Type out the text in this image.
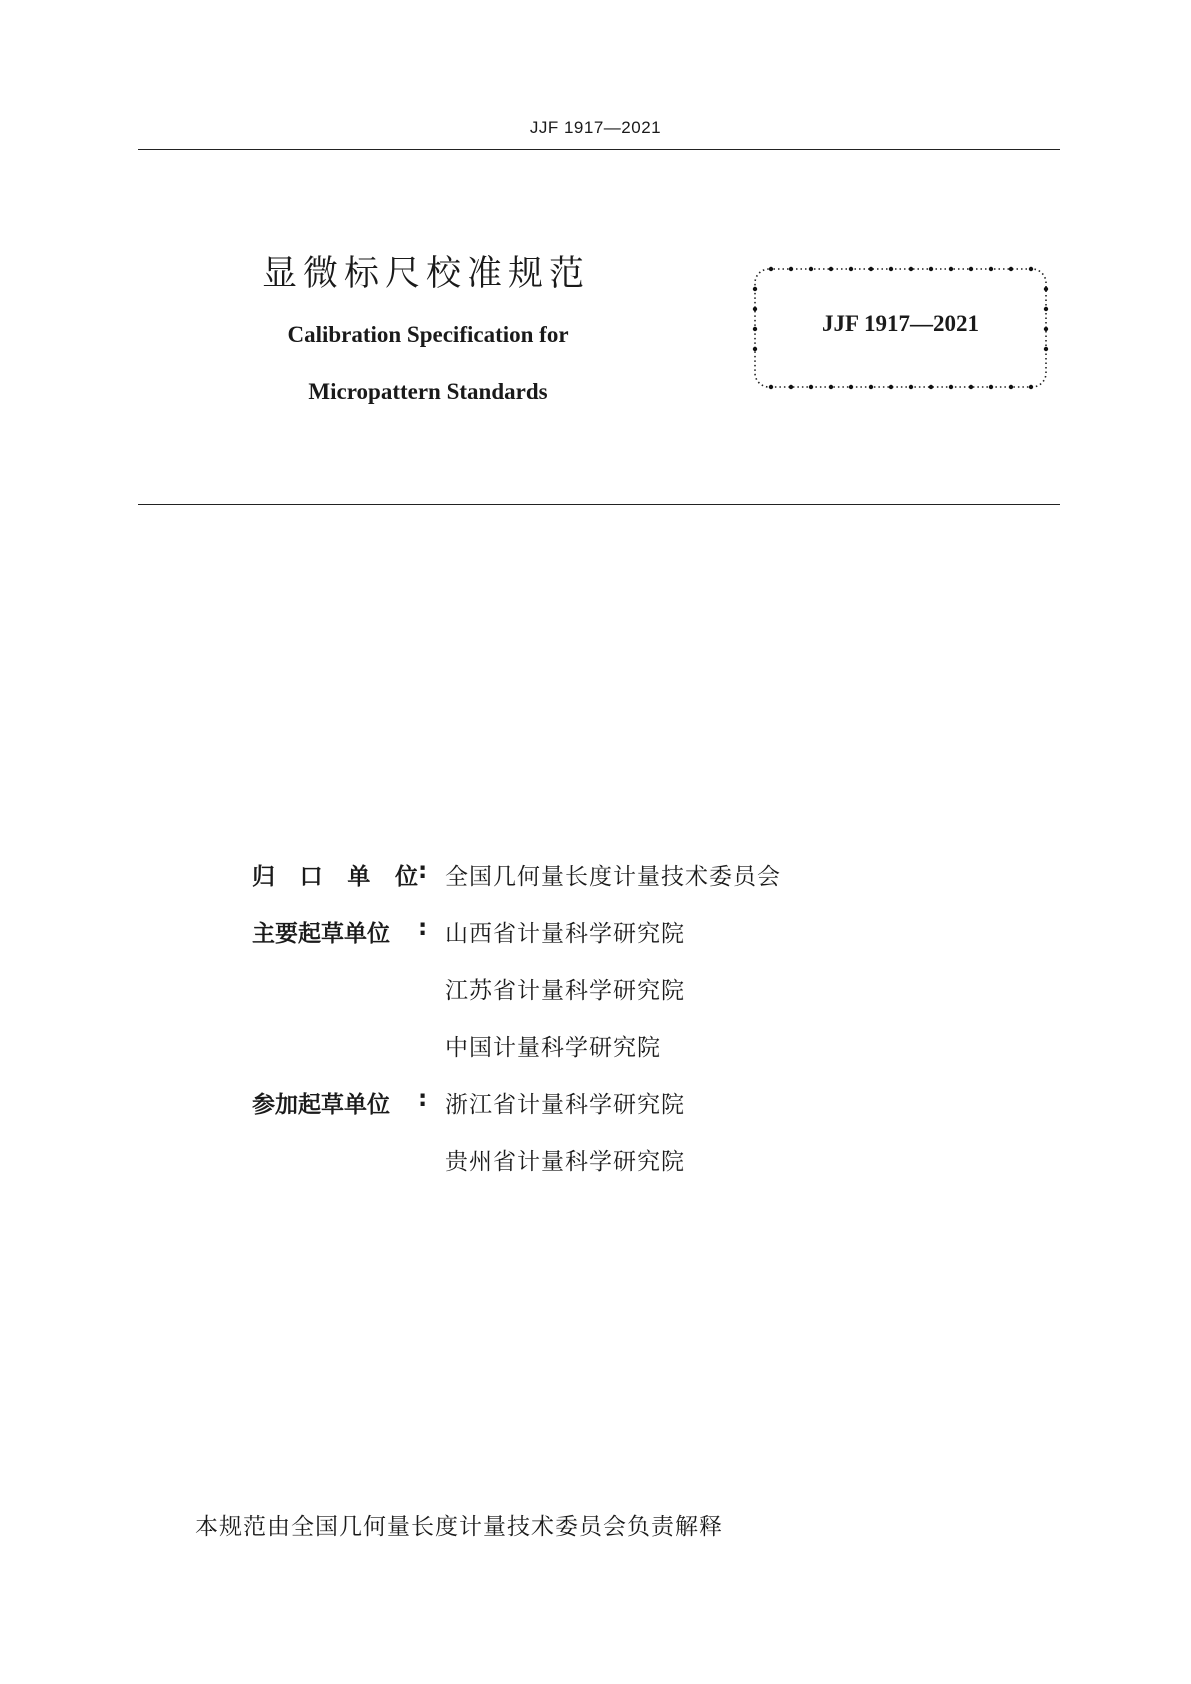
JJF 1917—2021
显微标尺校准规范
Calibration Specification for
Micropattern Standards
JJF 1917—2021
归 口 单 位 : 全国几何量长度计量技术委员会
主要起草单位	: 山西省计量科学研究院
江苏省计量科学研究院
中国计量科学研究院
参加起草单位	: 浙江省计量科学研究院
贵州省计量科学研究院
本规范由全国几何量长度计量技术委员会负责解释
